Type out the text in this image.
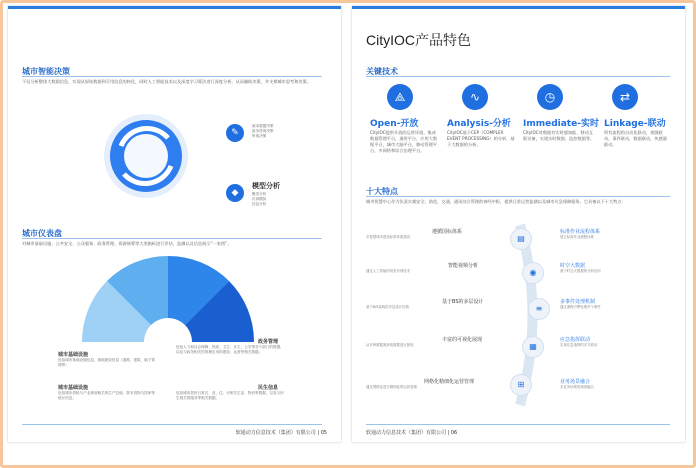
城市智能决策
不仅分析整体大数据信息，实现从原始数据到可用信息的转化，同时人工智能技术以及深度学习算法进行深度分析，从而辅助决策，并支撑城市思考和决策。
✎
就求数据决策
政务咨询决策
听取决策
◆
模型分析
聚类分析
仿真模拟
信息分析
城市仪表盘
对城市基础设施、公共安全、公众服务、政务管理、资源统筹等大类指标进行评估、监测以及信息展示“一张图”。
城市基础设施
包括城市基础设施信息，基础建设信息（道路、建筑、地下管网等）
城市基础设施
包括城市供给与产业规划相关的生产总值、资本货物与国家等统计信息。
政务管理
包括人力和社会保障、民政、卫生、计生、公安等各个部门的数据，以及与政务相关的管理应用的建设、运营等相关数据。
民生信息
包括城市居民日常衣、食、住、行相关生活、物价等数据，以及与民生相关的服务等相关数据。
软通动力信息技术（集团）有限公司 | 05
CityIOC产品特色
关键技术
⟁	∿	◷	⇄
Open-开放	Analysis-分析 Immediate-实时 Linkage-联动
CityIOC提供开放的运营环境，集成数据管理平台，通用平台，应用大数据平台，城市大脑平台，移动管理平台，多网络和综合治理平台。
CityIOC基于CEP（COMPLEX EVENT PROCESSING）的分析、基于大数据的分析。
CityIOC对数据有实时感知能、移动互联设备，实现实时数据、监控数据等。
所有流程的自动化联动，视频联动，事件联动，数据联动，传感器联动。
十大特点
城市智慧中心作为负责灾难安全、防范、交通、通讯综合管理的神经中枢，提供日常运营监测以及城市应急保障服务，它具备以下十大特点：
遵循国标体系
市智慧城市建设标准体系建设
智能视频分析
通过人工智能的视觉识别技术
基于BS的多层设计
基于B/S架构的多层设计结构
丰富的可视化展现
从多种数据源获取数据进行展现
网格化精细化运营管理
通过网格化进行精细化的运营管理
▤
◉
≡
▦
⊞
标准作业流程体系
建立标准作业流程体系
时空大数据
基于时空大数据的分析应用
多事件处理机制
通过流程引擎处理多个事件
应急指挥联动
实现应急指挥的多方联动
业务场景融合
多业务场景的深度融合
软通动力信息技术（集团）有限公司 | 06
